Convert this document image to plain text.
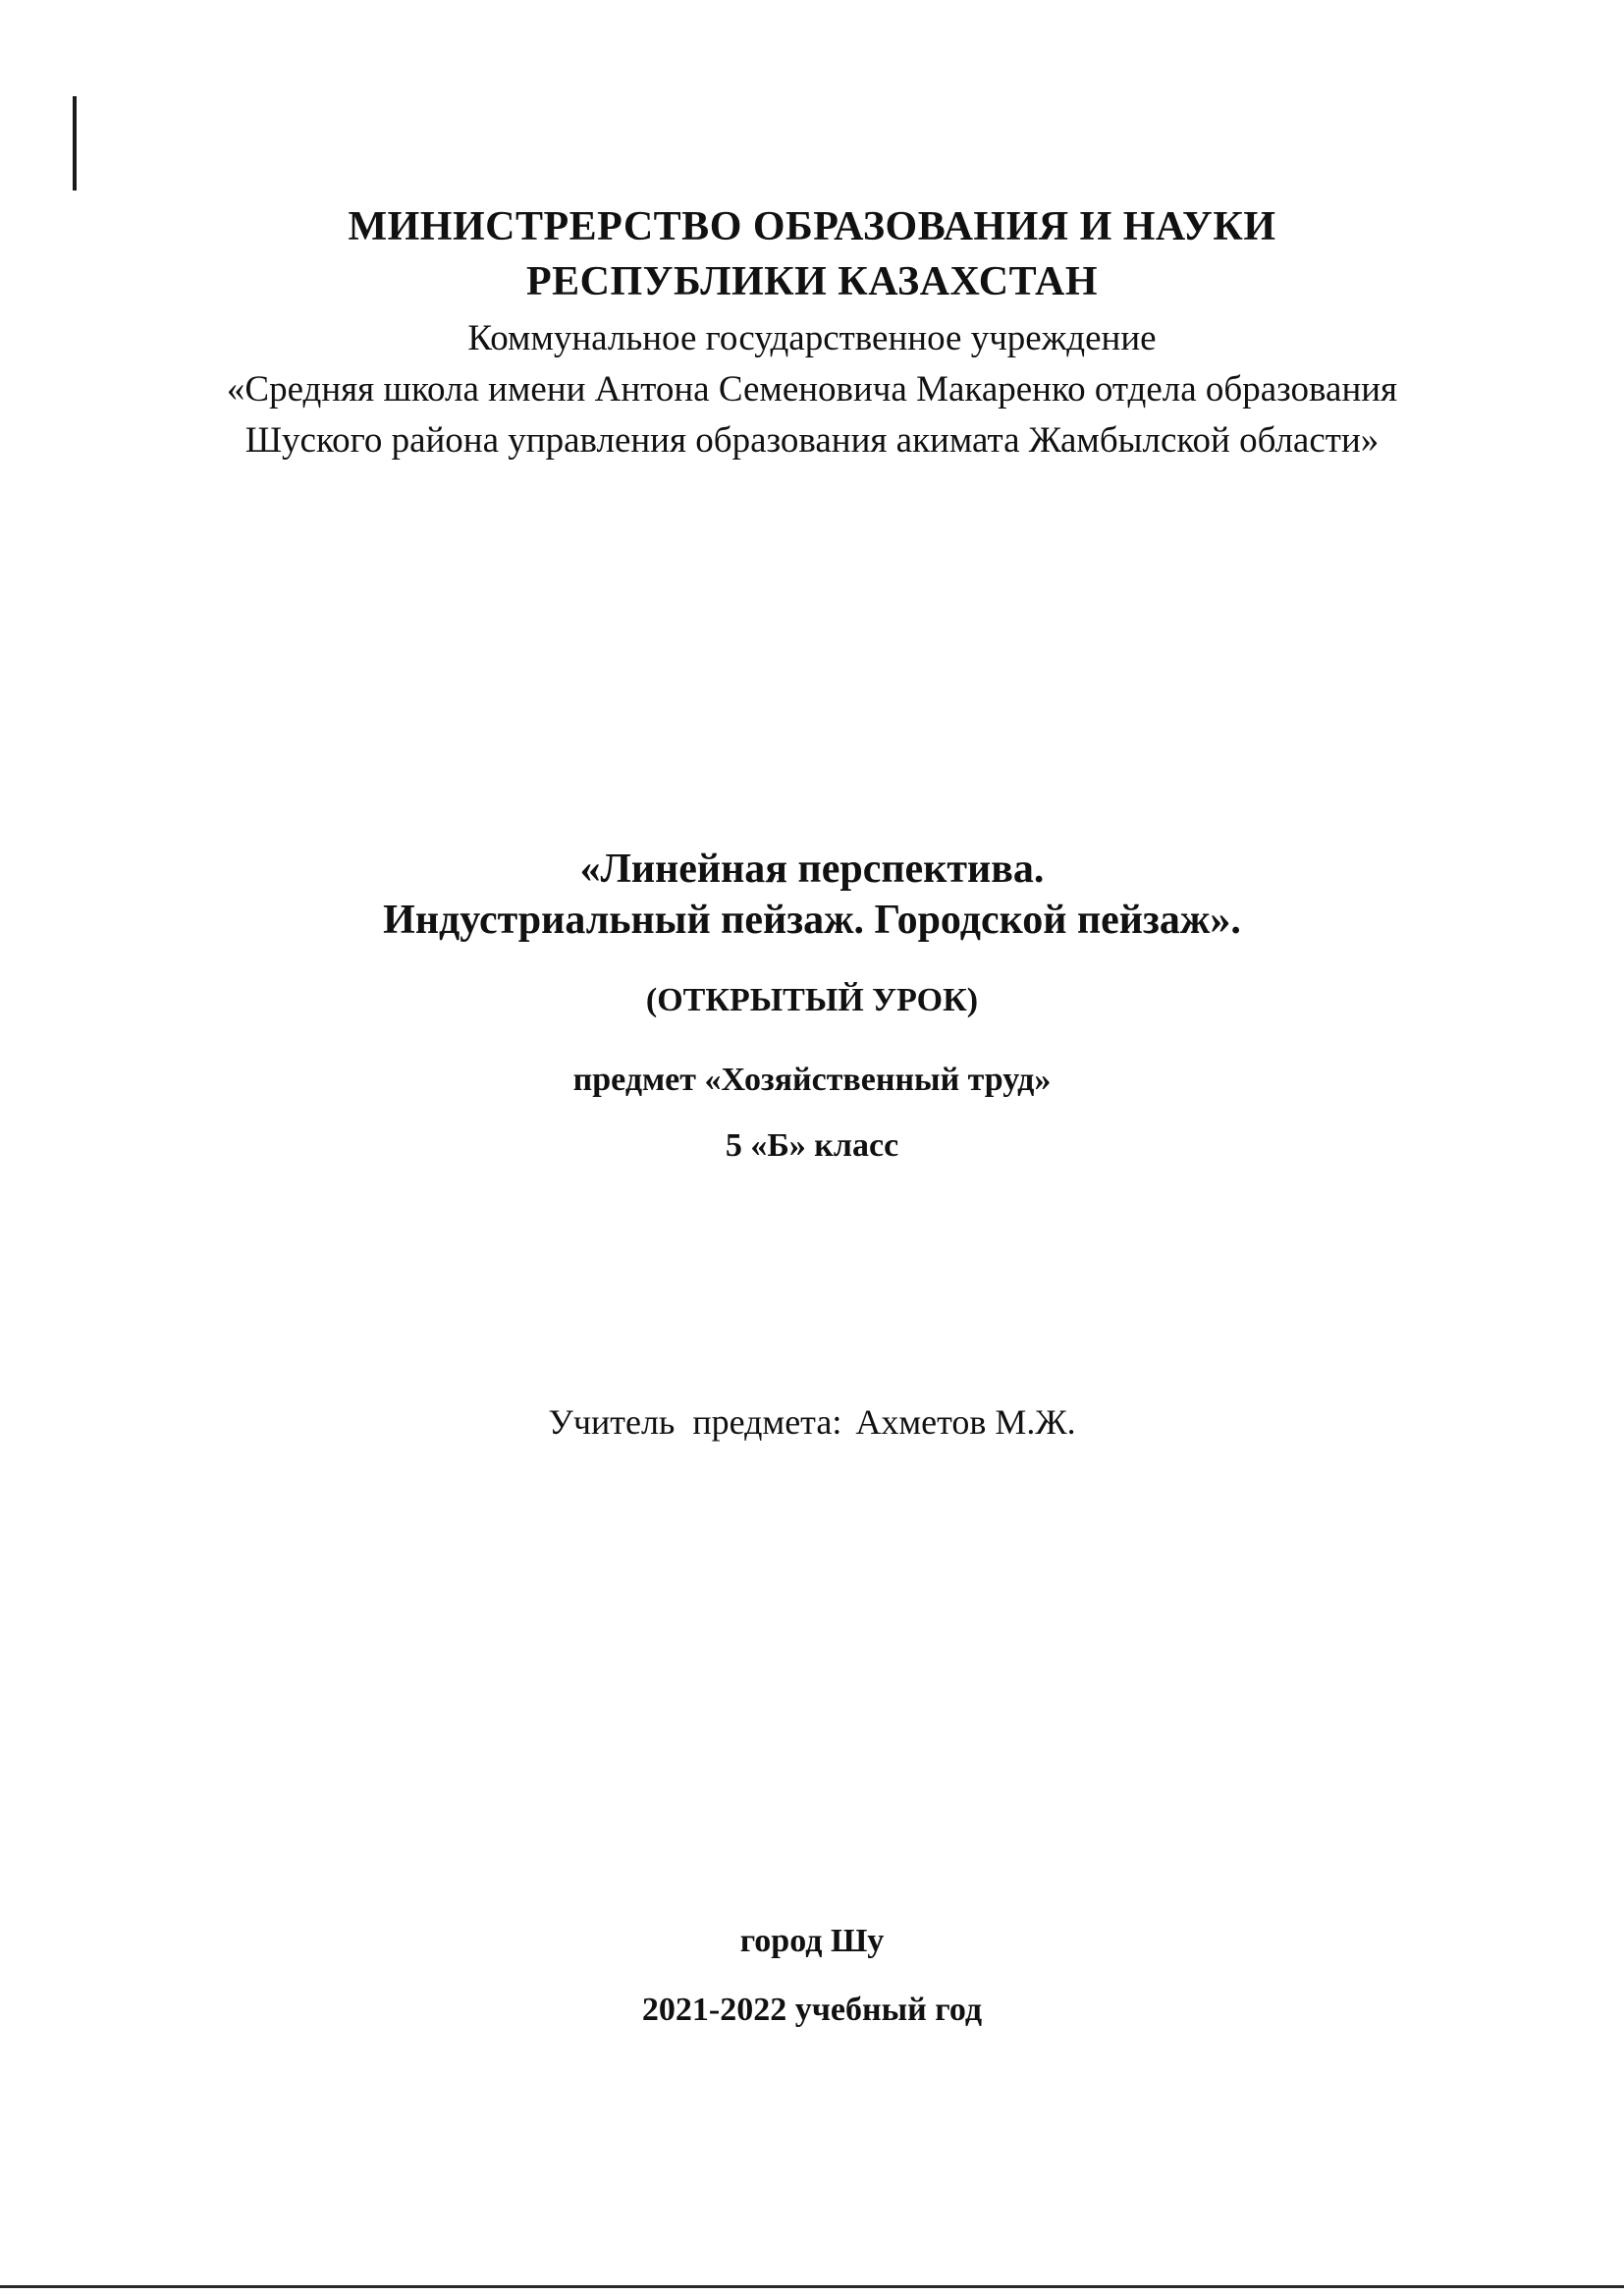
МИНИСТРЕРСТВО ОБРАЗОВАНИЯ И НАУКИ
РЕСПУБЛИКИ КАЗАХСТАН
Коммунальное государственное учреждение
«Средняя школа имени Антона Семеновича Макаренко отдела образования
Шуского района управления образования акимата Жамбылской области»
«Линейная перспектива.
Индустриальный пейзаж. Городской пейзаж».
(ОТКРЫТЫЙ УРОК)
предмет «Хозяйственный труд»
5 «Б» класс
Учитель  предмета: Ахметов М.Ж.
город Шу
2021-2022 учебный год
